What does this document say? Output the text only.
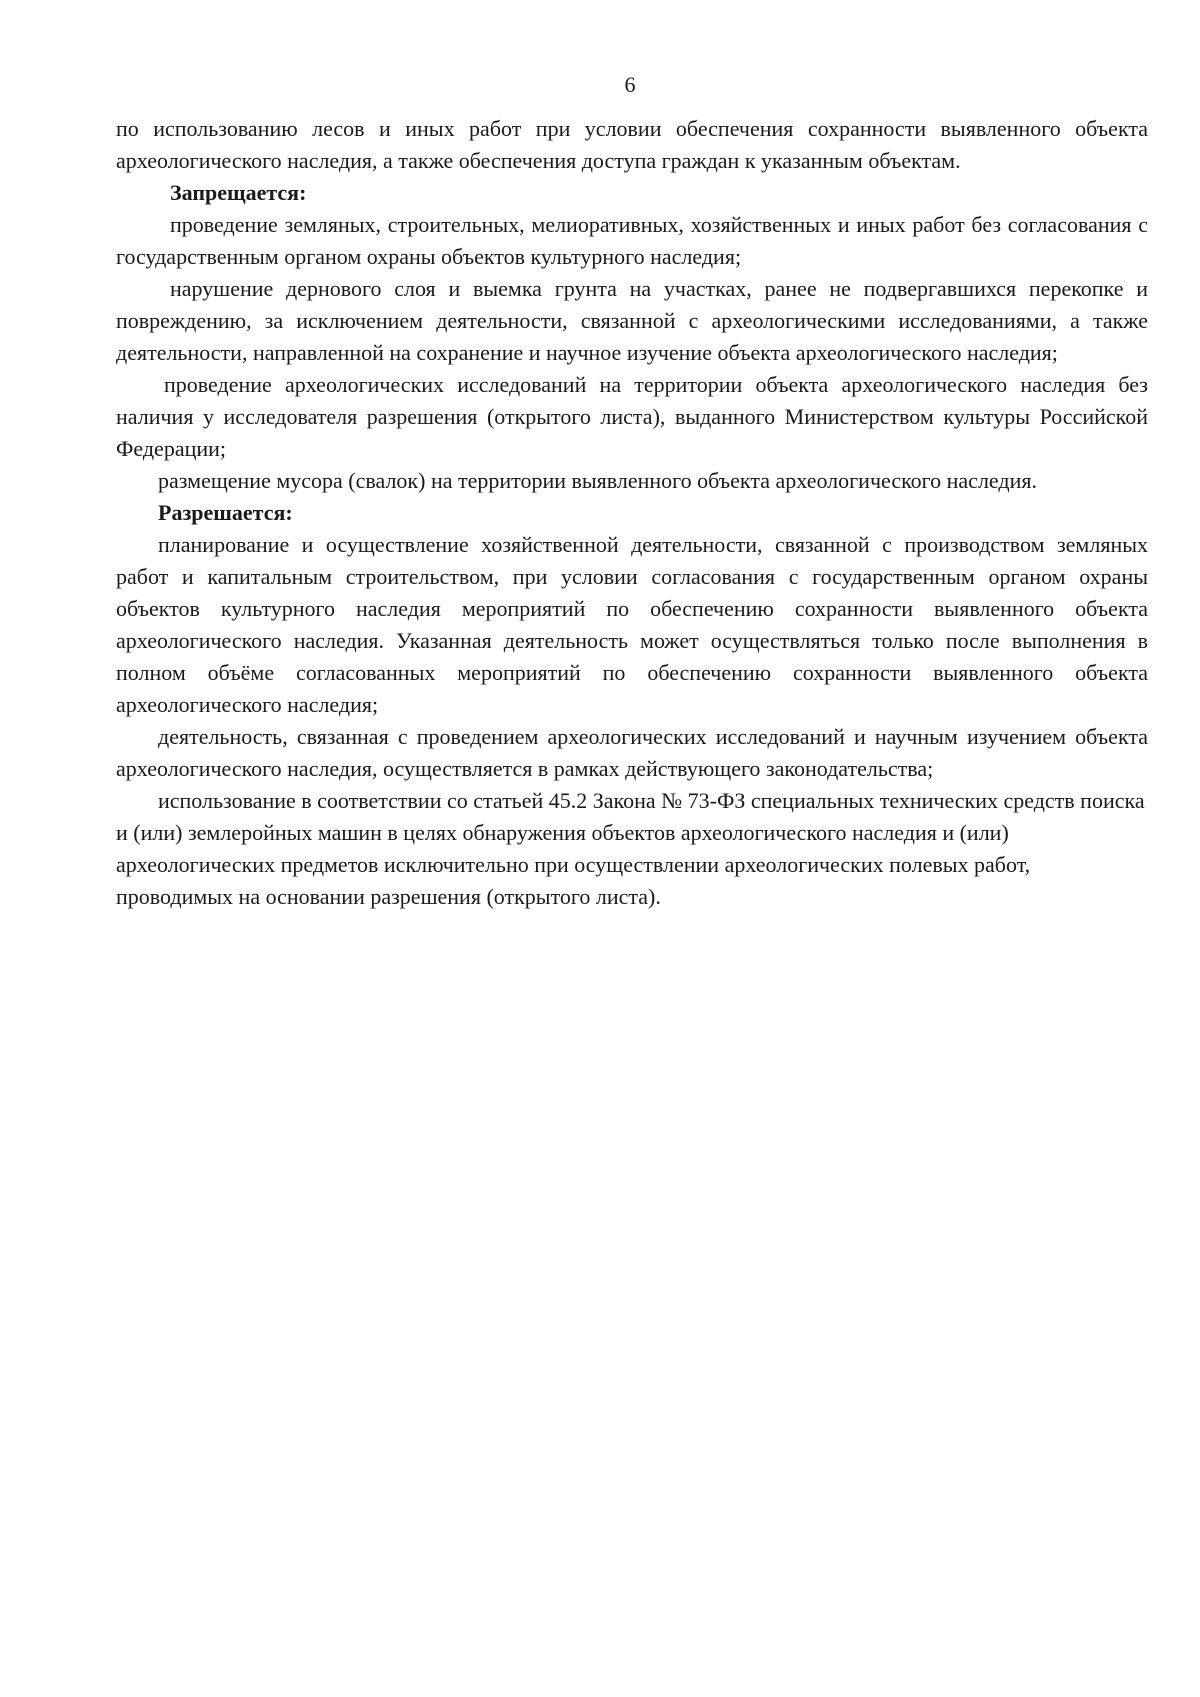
6

по использованию лесов и иных работ при условии обеспечения сохранности выявленного объекта археологического наследия, а также обеспечения доступа граждан к указанным объектам.

Запрещается:

проведение земляных, строительных, мелиоративных, хозяйственных и иных работ без согласования с государственным органом охраны объектов культурного наследия;

нарушение дернового слоя и выемка грунта на участках, ранее не подвергавшихся перекопке и повреждению, за исключением деятельности, связанной с археологическими исследованиями, а также деятельности, направленной на сохранение и научное изучение объекта археологического наследия;

проведение археологических исследований на территории объекта археологического наследия без наличия у исследователя разрешения (открытого листа), выданного Министерством культуры Российской Федерации;

размещение мусора (свалок) на территории выявленного объекта археологического наследия.

Разрешается:

планирование и осуществление хозяйственной деятельности, связанной с производством земляных работ и капитальным строительством, при условии согласования с государственным органом охраны объектов культурного наследия мероприятий по обеспечению сохранности выявленного объекта археологического наследия. Указанная деятельность может осуществляться только после выполнения в полном объёме согласованных мероприятий по обеспечению сохранности выявленного объекта археологического наследия;

деятельность, связанная с проведением археологических исследований и научным изучением объекта археологического наследия, осуществляется в рамках действующего законодательства;

использование в соответствии со статьей 45.2 Закона № 73-ФЗ специальных технических средств поиска и (или) землеройных машин в целях обнаружения объектов археологического наследия и (или) археологических предметов исключительно при осуществлении археологических полевых работ, проводимых на основании разрешения (открытого листа).
